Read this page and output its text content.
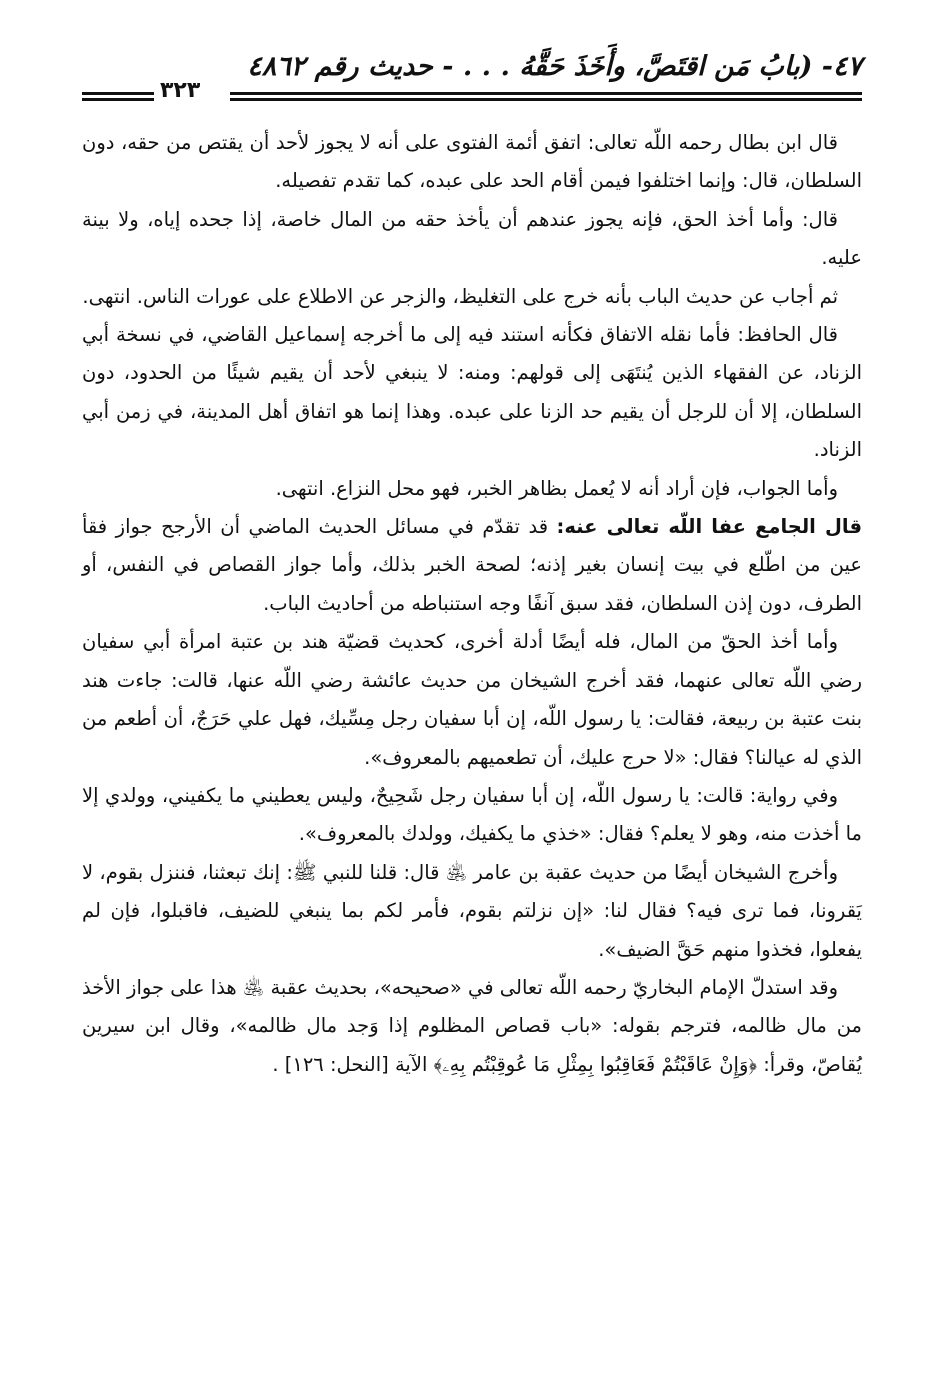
٤٧- (بابُ مَن اقتَصَّ، وأَخَذَ حَقَّهُ . . . - حديث رقم ٤٨٦٢
٣٢٣

قال ابن بطال رحمه اللّه تعالى: اتفق أئمة الفتوى على أنه لا يجوز لأحد أن يقتص من حقه، دون السلطان، قال: وإنما اختلفوا فيمن أقام الحد على عبده، كما تقدم تفصيله.

قال: وأما أخذ الحق، فإنه يجوز عندهم أن يأخذ حقه من المال خاصة، إذا جحده إياه، ولا بينة عليه.

ثم أجاب عن حديث الباب بأنه خرج على التغليظ، والزجر عن الاطلاع على عورات الناس. انتهى.

قال الحافظ: فأما نقله الاتفاق فكأنه استند فيه إلى ما أخرجه إسماعيل القاضي، في نسخة أبي الزناد، عن الفقهاء الذين يُنتَهَى إلى قولهم: ومنه: لا ينبغي لأحد أن يقيم شيئًا من الحدود، دون السلطان، إلا أن للرجل أن يقيم حد الزنا على عبده. وهذا إنما هو اتفاق أهل المدينة، في زمن أبي الزناد.

وأما الجواب، فإن أراد أنه لا يُعمل بظاهر الخبر، فهو محل النزاع. انتهى.

قال الجامع عفا اللّه تعالى عنه: قد تقدّم في مسائل الحديث الماضي أن الأرجح جواز فقأ عين من اطّلع في بيت إنسان بغير إذنه؛ لصحة الخبر بذلك، وأما جواز القصاص في النفس، أو الطرف، دون إذن السلطان، فقد سبق آنفًا وجه استنباطه من أحاديث الباب.

وأما أخذ الحقّ من المال، فله أيضًا أدلة أخرى، كحديث قضيّة هند بن عتبة امرأة أبي سفيان رضي اللّه تعالى عنهما، فقد أخرج الشيخان من حديث عائشة رضي اللّه عنها، قالت: جاءت هند بنت عتبة بن ربيعة، فقالت: يا رسول اللّه، إن أبا سفيان رجل مِسِّيك، فهل علي حَرَجٌ، أن أطعم من الذي له عيالنا؟ فقال: «لا حرج عليك، أن تطعميهم بالمعروف».

وفي رواية: قالت: يا رسول اللّه، إن أبا سفيان رجل شَحِيحٌ، وليس يعطيني ما يكفيني، وولدي إلا ما أخذت منه، وهو لا يعلم؟ فقال: «خذي ما يكفيك، وولدك بالمعروف».

وأخرج الشيخان أيضًا من حديث عقبة بن عامر ﵁ قال: قلنا للنبي ﷺ: إنك تبعثنا، فننزل بقوم، لا يَقرونا، فما ترى فيه؟ فقال لنا: «إن نزلتم بقوم، فأمر لكم بما ينبغي للضيف، فاقبلوا، فإن لم يفعلوا، فخذوا منهم حَقَّ الضيف».

وقد استدلّ الإمام البخاريّ رحمه اللّه تعالى في «صحيحه»، بحديث عقبة ﵁ هذا على جواز الأخذ من مال ظالمه، فترجم بقوله: «باب قصاص المظلوم إذا وَجد مال ظالمه»، وقال ابن سيرين يُقاصّ، وقرأ: ﴿وَإِنْ عَاقَبْتُمْ فَعَاقِبُوا بِمِثْلِ مَا عُوقِبْتُم بِهِۦ﴾ الآية [النحل: ١٢٦] .
